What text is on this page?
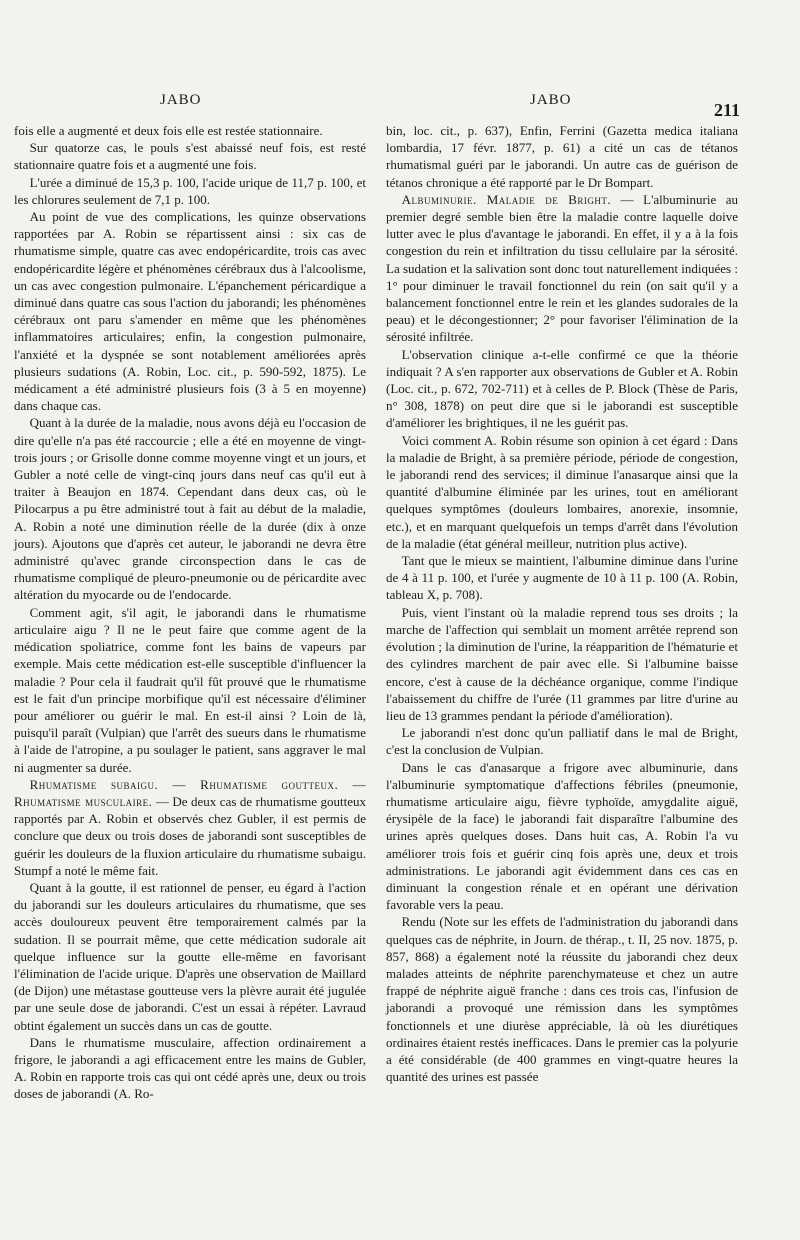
JABO	JABO	211

fois elle a augmenté et deux fois elle est restée stationnaire.

Sur quatorze cas, le pouls s'est abaissé neuf fois, est resté stationnaire quatre fois et a augmenté une fois.

L'urée a diminué de 15,3 p. 100, l'acide urique de 11,7 p. 100, et les chlorures seulement de 7,1 p. 100.

Au point de vue des complications, les quinze observations rapportées par A. Robin se répartissent ainsi : six cas de rhumatisme simple, quatre cas avec endopéricardite, trois cas avec endopéricardite légère et phénomènes cérébraux dus à l'alcoolisme, un cas avec congestion pulmonaire. L'épanchement péricardique a diminué dans quatre cas sous l'action du jaborandi; les phénomènes cérébraux ont paru s'amender en même que les phénomènes inflammatoires articulaires; enfin, la congestion pulmonaire, l'anxiété et la dyspnée se sont notablement améliorées après plusieurs sudations (A. Robin, Loc. cit., p. 590-592, 1875). Le médicament a été administré plusieurs fois (3 à 5 en moyenne) dans chaque cas.

Quant à la durée de la maladie, nous avons déjà eu l'occasion de dire qu'elle n'a pas été raccourcie ; elle a été en moyenne de vingt-trois jours ; or Grisolle donne comme moyenne vingt et un jours, et Gubler a noté celle de vingt-cinq jours dans neuf cas qu'il eut à traiter à Beaujon en 1874. Cependant dans deux cas, où le Pilocarpus a pu être administré tout à fait au début de la maladie, A. Robin a noté une diminution réelle de la durée (dix à onze jours). Ajoutons que d'après cet auteur, le jaborandi ne devra être administré qu'avec grande circonspection dans le cas de rhumatisme compliqué de pleuro-pneumonie ou de péricardite avec altération du myocarde ou de l'endocarde.

Comment agit, s'il agit, le jaborandi dans le rhumatisme articulaire aigu ? Il ne le peut faire que comme agent de la médication spoliatrice, comme font les bains de vapeurs par exemple. Mais cette médication est-elle susceptible d'influencer la maladie ? Pour cela il faudrait qu'il fût prouvé que le rhumatisme est le fait d'un principe morbifique qu'il est nécessaire d'éliminer pour améliorer ou guérir le mal. En est-il ainsi ? Loin de là, puisqu'il paraît (Vulpian) que l'arrêt des sueurs dans le rhumatisme à l'aide de l'atropine, a pu soulager le patient, sans aggraver le mal ni augmenter sa durée.

Rhumatisme subaigu. — Rhumatisme goutteux. — Rhumatisme musculaire. — De deux cas de rhumatisme goutteux rapportés par A. Robin et observés chez Gubler, il est permis de conclure que deux ou trois doses de jaborandi sont susceptibles de guérir les douleurs de la fluxion articulaire du rhumatisme subaigu. Stumpf a noté le même fait.

Quant à la goutte, il est rationnel de penser, eu égard à l'action du jaborandi sur les douleurs articulaires du rhumatisme, que ses accès douloureux peuvent être temporairement calmés par la sudation. Il se pourrait même, que cette médication sudorale ait quelque influence sur la goutte elle-même en favorisant l'élimination de l'acide urique. D'après une observation de Maillard (de Dijon) une métastase goutteuse vers la plèvre aurait été jugulée par une seule dose de jaborandi. C'est un essai à répéter. Lavraud obtint également un succès dans un cas de goutte.

Dans le rhumatisme musculaire, affection ordinairement a frigore, le jaborandi a agi efficacement entre les mains de Gubler, A. Robin en rapporte trois cas qui ont cédé après une, deux ou trois doses de jaborandi (A. Ro-

bin, loc. cit., p. 637), Enfin, Ferrini (Gazetta medica italiana lombardia, 17 févr. 1877, p. 61) a cité un cas de tétanos rhumatismal guéri par le jaborandi. Un autre cas de guérison de tétanos chronique a été rapporté par le Dr Bompart.

Albuminurie. Maladie de Bright. — L'albuminurie au premier degré semble bien être la maladie contre laquelle doive lutter avec le plus d'avantage le jaborandi. En effet, il y a à la fois congestion du rein et infiltration du tissu cellulaire par la sérosité. La sudation et la salivation sont donc tout naturellement indiquées : 1° pour diminuer le travail fonctionnel du rein (on sait qu'il y a balancement fonctionnel entre le rein et les glandes sudorales de la peau) et le décongestionner; 2° pour favoriser l'élimination de la sérosité infiltrée.

L'observation clinique a-t-elle confirmé ce que la théorie indiquait ? A s'en rapporter aux observations de Gubler et A. Robin (Loc. cit., p. 672, 702-711) et à celles de P. Block (Thèse de Paris, n° 308, 1878) on peut dire que si le jaborandi est susceptible d'améliorer les brightiques, il ne les guérit pas.

Voici comment A. Robin résume son opinion à cet égard : Dans la maladie de Bright, à sa première période, période de congestion, le jaborandi rend des services; il diminue l'anasarque ainsi que la quantité d'albumine éliminée par les urines, tout en améliorant quelques symptômes (douleurs lombaires, anorexie, insomnie, etc.), et en marquant quelquefois un temps d'arrêt dans l'évolution de la maladie (état général meilleur, nutrition plus active).

Tant que le mieux se maintient, l'albumine diminue dans l'urine de 4 à 11 p. 100, et l'urée y augmente de 10 à 11 p. 100 (A. Robin, tableau X, p. 708).

Puis, vient l'instant où la maladie reprend tous ses droits ; la marche de l'affection qui semblait un moment arrêtée reprend son évolution ; la diminution de l'urine, la réapparition de l'hématurie et des cylindres marchent de pair avec elle. Si l'albumine baisse encore, c'est à cause de la déchéance organique, comme l'indique l'abaissement du chiffre de l'urée (11 grammes par litre d'urine au lieu de 13 grammes pendant la période d'amélioration).

Le jaborandi n'est donc qu'un palliatif dans le mal de Bright, c'est la conclusion de Vulpian.

Dans le cas d'anasarque a frigore avec albuminurie, dans l'albuminurie symptomatique d'affections fébriles (pneumonie, rhumatisme articulaire aigu, fièvre typhoïde, amygdalite aiguë, érysipèle de la face) le jaborandi fait disparaître l'albumine des urines après quelques doses. Dans huit cas, A. Robin l'a vu améliorer trois fois et guérir cinq fois après une, deux et trois administrations. Le jaborandi agit évidemment dans ces cas en diminuant la congestion rénale et en opérant une dérivation favorable vers la peau.

Rendu (Note sur les effets de l'administration du jaborandi dans quelques cas de néphrite, in Journ. de thérap., t. II, 25 nov. 1875, p. 857, 868) a également noté la réussite du jaborandi chez deux malades atteints de néphrite parenchymateuse et chez un autre frappé de néphrite aiguë franche : dans ces trois cas, l'infusion de jaborandi a provoqué une rémission dans les symptômes fonctionnels et une diurèse appréciable, là où les diurétiques ordinaires étaient restés inefficaces. Dans le premier cas la polyurie a été considérable (de 400 grammes en vingt-quatre heures la quantité des urines est passée
